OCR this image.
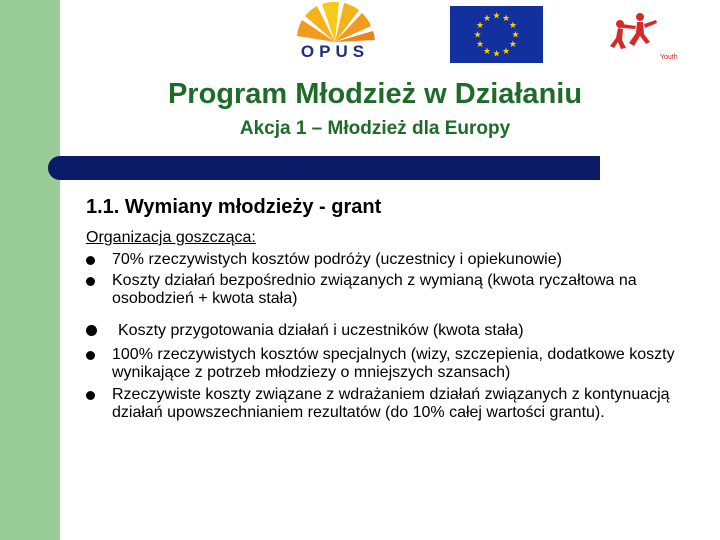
OPUS
★ ★
★
★
★
★
★
★
★
★
★
★
Youth
Program Młodzież w Działaniu
Akcja 1 – Młodzież dla Europy
1.1. Wymiany młodzieży - grant
Organizacja goszcząca:
70% rzeczywistych kosztów podróży (uczestnicy i opiekunowie)
Koszty działań bezpośrednio związanych z wymianą (kwota ryczałtowa na osobodzień + kwota stała)
Koszty przygotowania działań i uczestników (kwota stała)
100% rzeczywistych kosztów specjalnych (wizy, szczepienia, dodatkowe koszty wynikające z potrzeb młodziezy o mniejszych szansach)
Rzeczywiste koszty związane z wdrażaniem działań związanych z kontynuacją działań upowszechnianiem rezultatów (do 10% całej wartości grantu).
